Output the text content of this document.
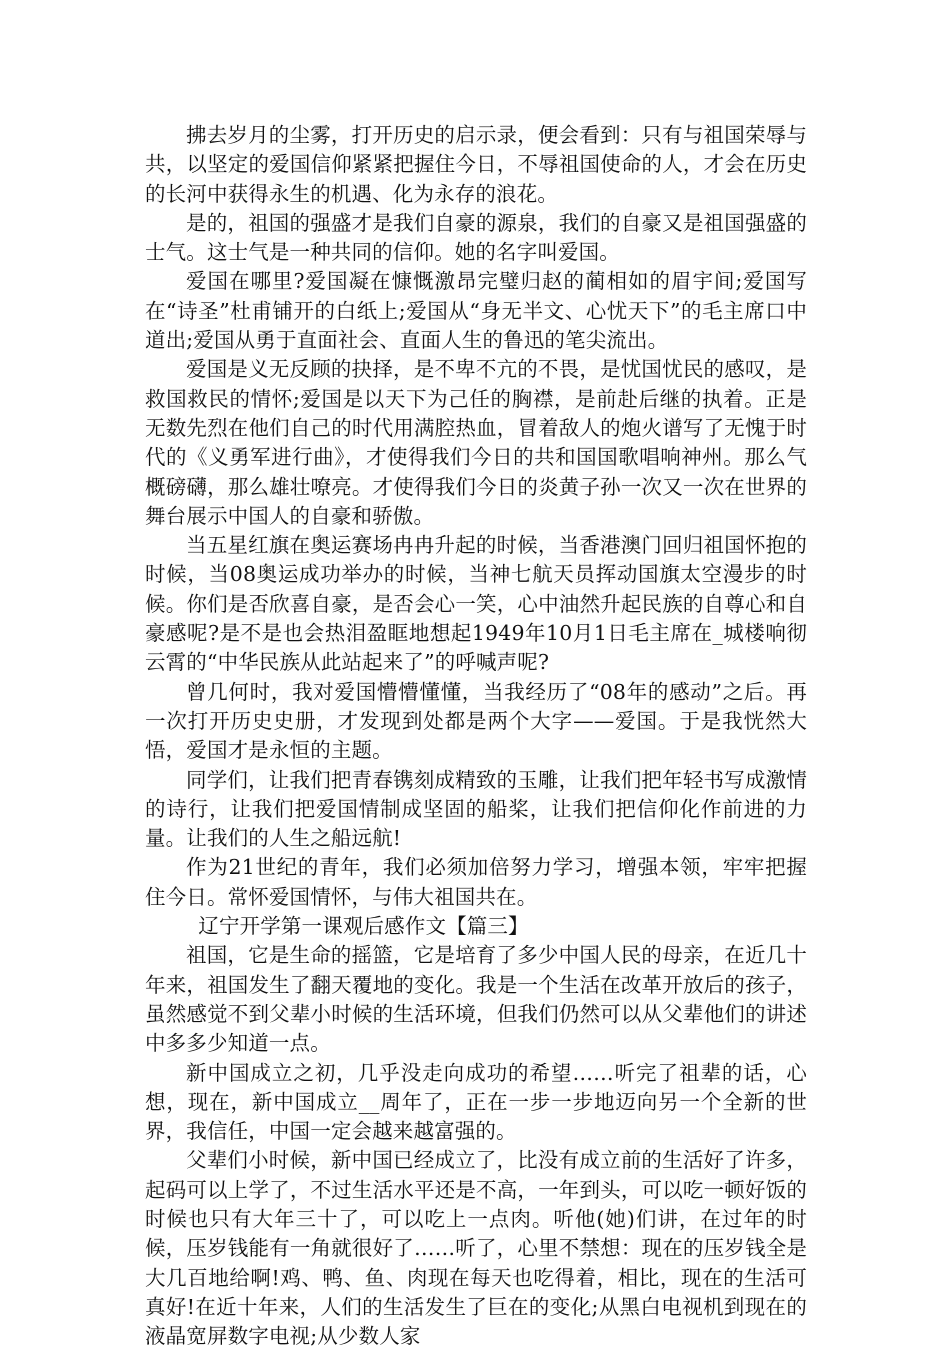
拂去岁月的尘雾，打开历史的启示录，便会看到：只有与祖国荣辱与共，以坚定的爱国信仰紧紧把握住今日，不辱祖国使命的人，才会在历史的长河中获得永生的机遇、化为永存的浪花。

是的，祖国的强盛才是我们自豪的源泉，我们的自豪又是祖国强盛的士气。这士气是一种共同的信仰。她的名字叫爱国。

爱国在哪里?爱国凝在慷慨激昂完璧归赵的蔺相如的眉宇间;爱国写在“诗圣”杜甫铺开的白纸上;爱国从“身无半文、心忧天下”的毛主席口中道出;爱国从勇于直面社会、直面人生的鲁迅的笔尖流出。

爱国是义无反顾的抉择，是不卑不亢的不畏，是忧国忧民的感叹，是救国救民的情怀;爱国是以天下为己任的胸襟，是前赴后继的执着。正是无数先烈在他们自己的时代用满腔热血，冒着敌人的炮火谱写了无愧于时代的《义勇军进行曲》，才使得我们今日的共和国国歌唱响神州。那么气概磅礴，那么雄壮嘹亮。才使得我们今日的炎黄子孙一次又一次在世界的舞台展示中国人的自豪和骄傲。

当五星红旗在奥运赛场冉冉升起的时候，当香港澳门回归祖国怀抱的时候，当08奥运成功举办的时候，当神七航天员挥动国旗太空漫步的时候。你们是否欣喜自豪，是否会心一笑，心中油然升起民族的自尊心和自豪感呢?是不是也会热泪盈眶地想起1949年10月1日毛主席在_城楼响彻云霄的“中华民族从此站起来了”的呼喊声呢?

曾几何时，我对爱国懵懵懂懂，当我经历了“08年的感动”之后。再一次打开历史史册，才发现到处都是两个大字——爱国。于是我恍然大悟，爱国才是永恒的主题。

同学们，让我们把青春镌刻成精致的玉雕，让我们把年轻书写成激情的诗行，让我们把爱国情制成坚固的船桨，让我们把信仰化作前进的力量。让我们的人生之船远航!

作为21世纪的青年，我们必须加倍努力学习，增强本领，牢牢把握住今日。常怀爱国情怀，与伟大祖国共在。

辽宁开学第一课观后感作文【篇三】

祖国，它是生命的摇篮，它是培育了多少中国人民的母亲，在近几十年来，祖国发生了翻天覆地的变化。我是一个生活在改革开放后的孩子，虽然感觉不到父辈小时候的生活环境，但我们仍然可以从父辈他们的讲述中多多少知道一点。

新中国成立之初，几乎没走向成功的希望……听完了祖辈的话，心想，现在，新中国成立__周年了，正在一步一步地迈向另一个全新的世界，我信任，中国一定会越来越富强的。

父辈们小时候，新中国已经成立了，比没有成立前的生活好了许多，起码可以上学了，不过生活水平还是不高，一年到头，可以吃一顿好饭的时候也只有大年三十了，可以吃上一点肉。听他(她)们讲，在过年的时候，压岁钱能有一角就很好了……听了，心里不禁想：现在的压岁钱全是大几百地给啊!鸡、鸭、鱼、肉现在每天也吃得着，相比，现在的生活可真好!在近十年来，人们的生活发生了巨在的变化;从黑白电视机到现在的液晶宽屏数字电视;从少数人家
